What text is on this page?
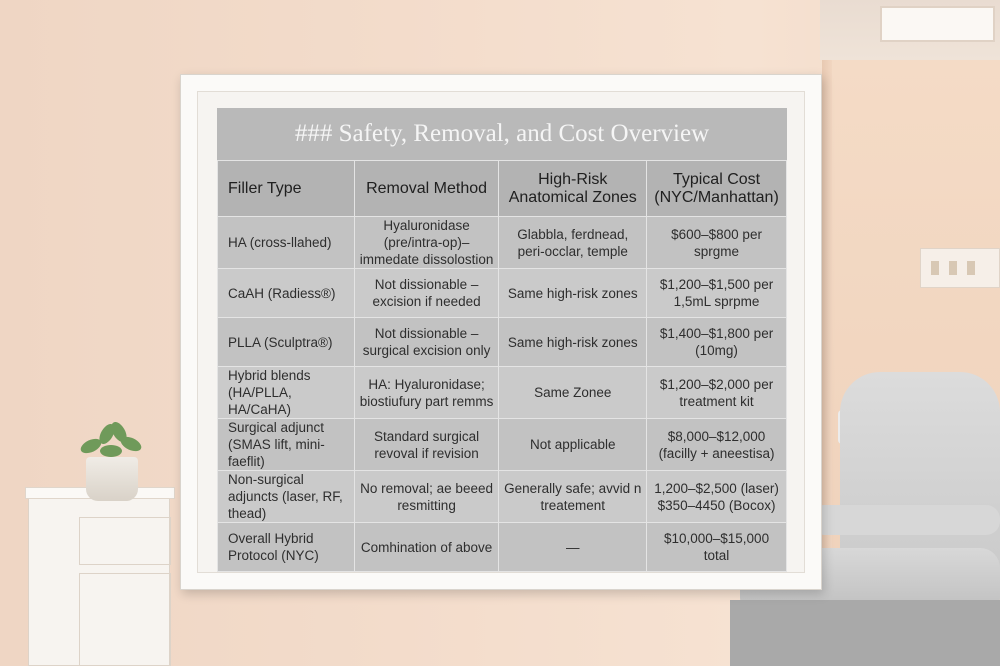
### Safety, Removal, and Cost Overview
Filler Type	Removal Method	High-Risk Anatomical Zones	Typical Cost (NYC/Manhattan)
HA (cross-llahed)	Hyaluronidase (pre/intra-op)– immedate dissolostion	Glabbla, ferdnead, peri-occlar, temple	$600–$800 per sprgme
CaAH (Radiess®)	Not dissionable – excision if needed	Same high-risk zones	$1,200–$1,500 per 1,5mL sprpme
PLLA (Sculptra®)	Not dissionable – surgical excision only	Same high-risk zones	$1,400–$1,800 per (10mg)
Hybrid blends (HA/PLLA, HA/CaHA)	HA: Hyaluronidase; biostiufury part remms	Same Zonee	$1,200–$2,000 per treatment kit
Surgical adjunct (SMAS lift, mini-faeflit)	Standard surgical revoval if revision	Not applicable	$8,000–$12,000 (facilly + aneestisa)
Non-surgical adjuncts (laser, RF, thead)	No removal; ae beeed resmitting	Generally safe; avvid n treatement	1,200–$2,500 (laser) $350–4450 (Bocox)
Overall Hybrid Protocol (NYC)	Comhination of above	—	$10,000–$15,000 total
